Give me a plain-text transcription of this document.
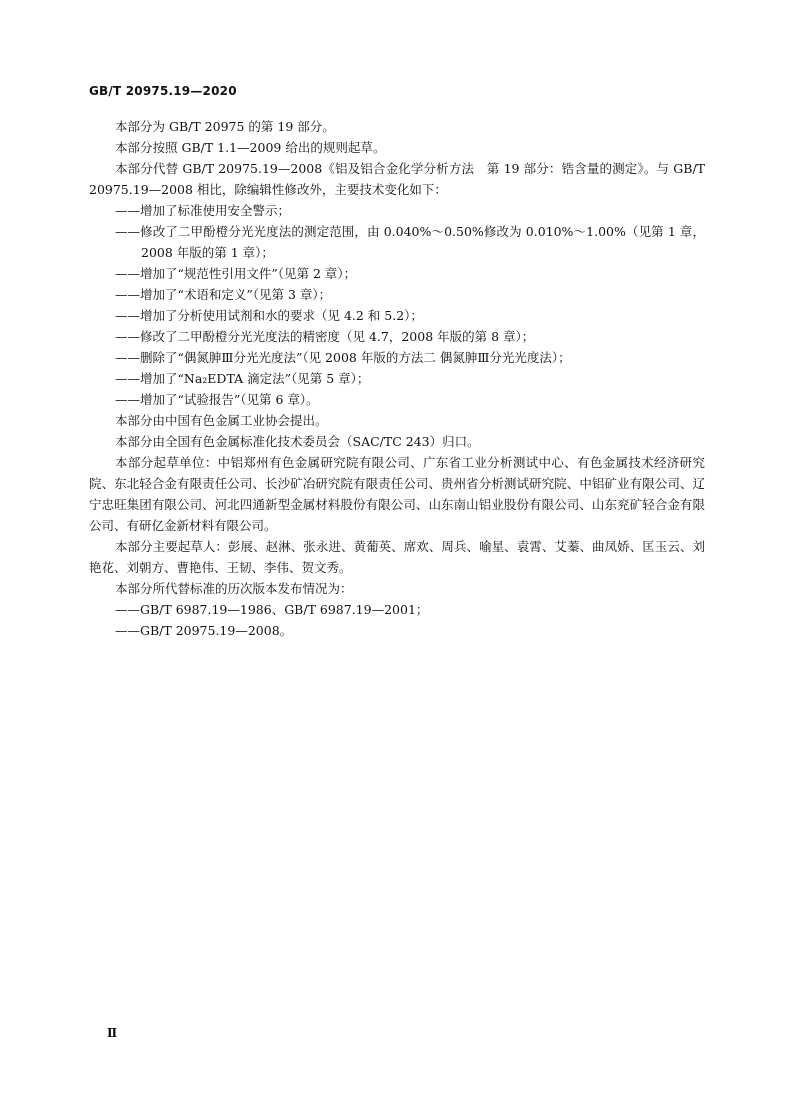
GB/T 20975.19—2020

本部分为 GB/T 20975 的第 19 部分。

本部分按照 GB/T 1.1—2009 给出的规则起草。

本部分代替 GB/T 20975.19—2008《铝及铝合金化学分析方法　第 19 部分：锆含量的测定》。与 GB/T 20975.19—2008 相比，除编辑性修改外，主要技术变化如下：

——增加了标准使用安全警示；

——修改了二甲酚橙分光光度法的测定范围，由 0.040%～0.50%修改为 0.010%～1.00%（见第 1 章，2008 年版的第 1 章）；

——增加了“规范性引用文件”（见第 2 章）；

——增加了“术语和定义”（见第 3 章）；

——增加了分析使用试剂和水的要求（见 4.2 和 5.2）；

——修改了二甲酚橙分光光度法的精密度（见 4.7，2008 年版的第 8 章）；

——删除了“偶氮胂Ⅲ分光光度法”（见 2008 年版的方法二 偶氮胂Ⅲ分光光度法）；

——增加了“Na₂EDTA 滴定法”（见第 5 章）；

——增加了“试验报告”（见第 6 章）。

本部分由中国有色金属工业协会提出。

本部分由全国有色金属标准化技术委员会（SAC/TC 243）归口。

本部分起草单位：中铝郑州有色金属研究院有限公司、广东省工业分析测试中心、有色金属技术经济研究院、东北轻合金有限责任公司、长沙矿冶研究院有限责任公司、贵州省分析测试研究院、中铝矿业有限公司、辽宁忠旺集团有限公司、河北四通新型金属材料股份有限公司、山东南山铝业股份有限公司、山东兖矿轻合金有限公司、有研亿金新材料有限公司。

本部分主要起草人：彭展、赵淋、张永进、黄葡英、席欢、周兵、喻星、袁霄、艾蓁、曲凤娇、匡玉云、刘艳花、刘朝方、曹艳伟、王韧、李伟、贺文秀。

本部分所代替标准的历次版本发布情况为：

——GB/T 6987.19—1986、GB/T 6987.19—2001；

——GB/T 20975.19—2008。

Ⅱ
